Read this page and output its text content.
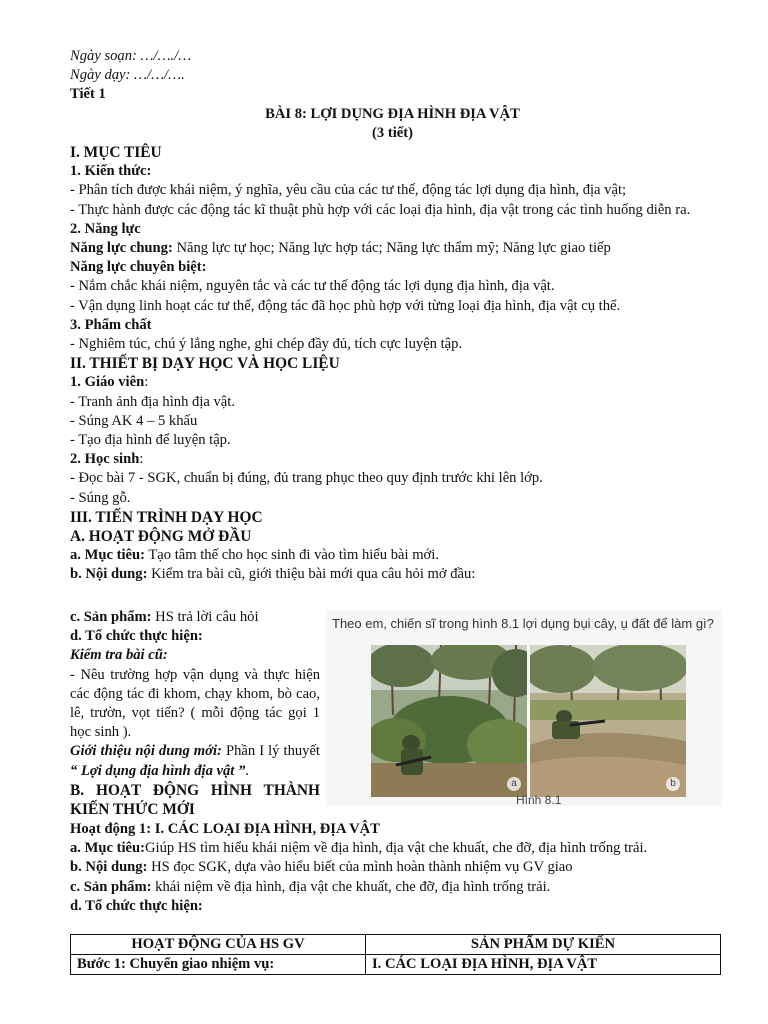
Ngày soạn: …/…./…
Ngày dạy: …/…/….
Tiết 1
BÀI 8: LỢI DỤNG ĐỊA HÌNH ĐỊA VẬT
(3 tiết)
I. MỤC TIÊU
1. Kiến thức:
- Phân tích được khái niệm, ý nghĩa, yêu cầu của các tư thế, động tác lợi dụng địa hình, địa vật;
- Thực hành được các động tác kĩ thuật phù hợp với các loại địa hình, địa vật trong các tình huống diễn ra.
2. Năng lực
Năng lực chung: Năng lực tự học; Năng lực hợp tác; Năng lực thẩm mỹ; Năng lực giao tiếp
Năng lực chuyên biệt:
- Nắm chắc khái niệm, nguyên tắc và các tư thế động tác lợi dụng địa hình, địa vật.
- Vận dụng linh hoạt các tư thế, động tác đã học phù hợp với từng loại địa hình, địa vật cụ thể.
3. Phẩm chất
- Nghiêm túc, chú ý lắng nghe, ghi chép đầy đủ, tích cực luyện tập.
II. THIẾT BỊ DẠY HỌC VÀ HỌC LIỆU
1. Giáo viên:
- Tranh ảnh địa hình địa vật.
- Súng AK 4 – 5 khẩu
- Tạo địa hình để luyện tập.
2. Học sinh:
- Đọc bài 7 - SGK, chuẩn bị đúng, đủ trang phục theo quy định trước khi lên lớp.
- Súng gỗ.
III. TIẾN TRÌNH DẠY HỌC
A. HOẠT ĐỘNG MỞ ĐẦU
a. Mục tiêu: Tạo tâm thế cho học sinh đi vào tìm hiểu bài mới.
b. Nội dung: Kiểm tra bài cũ, giới thiệu bài mới qua câu hỏi mở đầu:
c. Sản phẩm: HS trả lời câu hỏi
d. Tổ chức thực hiện:
Kiểm tra bài cũ:
- Nêu trường hợp vận dụng và thực hiện các động tác đi khom, chạy khom, bò cao, lê, trườn, vọt tiến? ( mỗi động tác gọi 1 học sinh ).
Giới thiệu nội dung mới: Phần I lý thuyết “ Lợi dụng địa hình địa vật ”.
B. HOẠT ĐỘNG HÌNH THÀNH KIẾN THỨC MỚI
Theo em, chiến sĩ trong hình 8.1 lợi dụng bụi cây, ụ đất để làm gì?
a	b
Hình 8.1
Hoạt động 1: I. CÁC LOẠI ĐỊA HÌNH, ĐỊA VẬT
a. Mục tiêu:Giúp HS tìm hiểu khái niệm về địa hình, địa vật che khuất, che đỡ, địa hình trống trải.
b. Nội dung: HS đọc SGK, dựa vào hiểu biết của mình hoàn thành nhiệm vụ GV giao
c. Sản phẩm: khái niệm về địa hình, địa vật che khuất, che đỡ, địa hình trống trải.
d. Tổ chức thực hiện:
HOẠT ĐỘNG CỦA HS GV	SẢN PHẨM DỰ KIẾN
Bước 1: Chuyển giao nhiệm vụ:	I. CÁC LOẠI ĐỊA HÌNH, ĐỊA VẬT
